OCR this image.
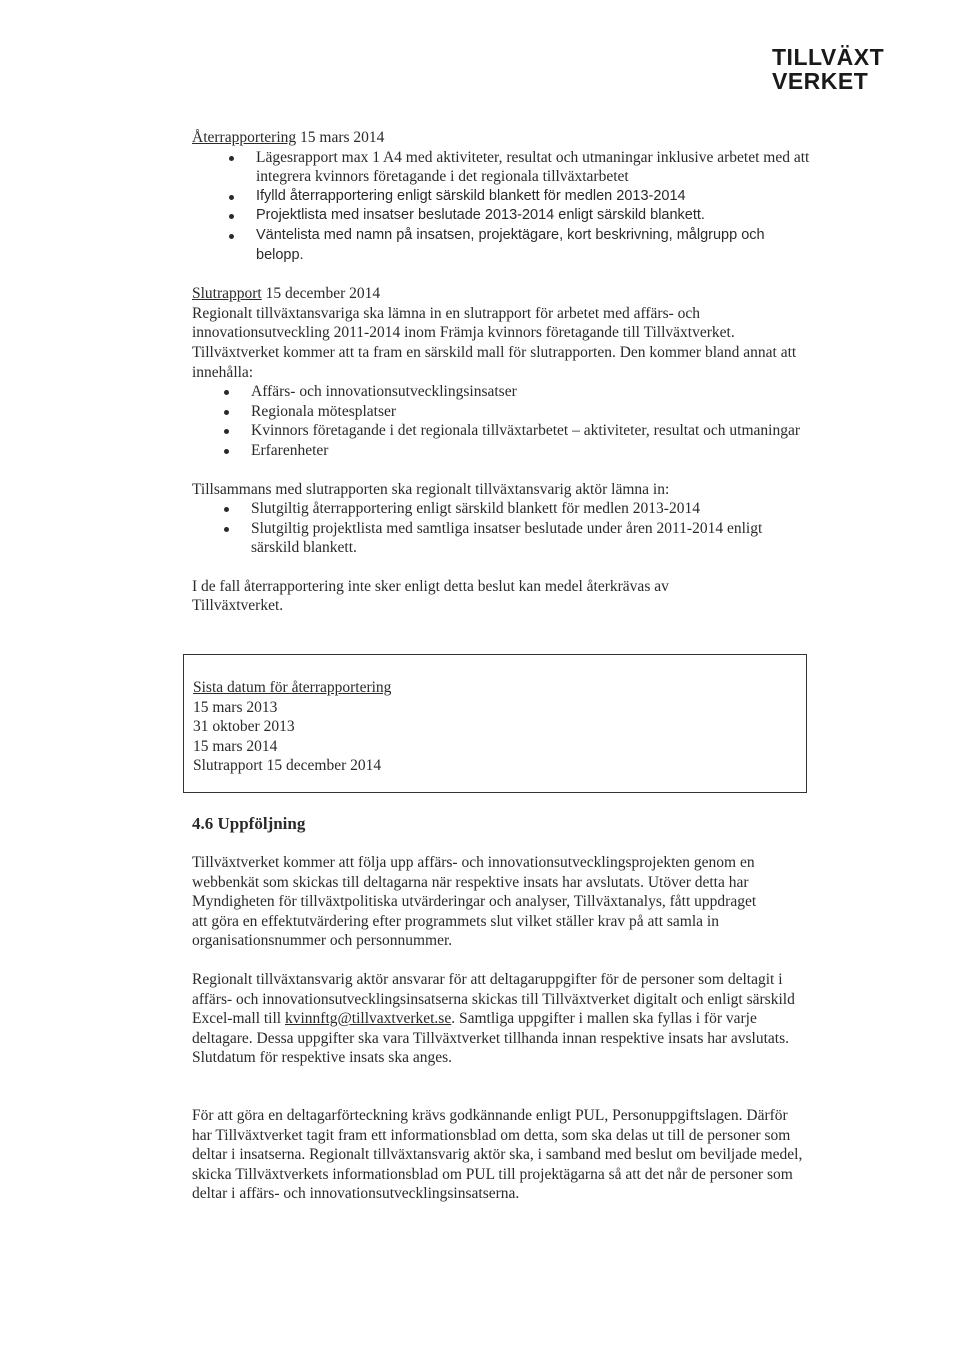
TILLVÄXT
VERKET

Återrapportering 15 mars 2014

Lägesrapport max 1 A4 med aktiviteter, resultat och utmaningar inklusive arbetet med att integrera kvinnors företagande i det regionala tillväxtarbetet
Ifylld återrapportering enligt särskild blankett för medlen 2013-2014
Projektlista med insatser beslutade 2013-2014 enligt särskild blankett.
Väntelista med namn på insatsen, projektägare, kort beskrivning, målgrupp och belopp.

Slutrapport 15 december 2014

Regionalt tillväxtansvariga ska lämna in en slutrapport för arbetet med affärs- och innovationsutveckling 2011-2014 inom Främja kvinnors företagande till Tillväxtverket. Tillväxtverket kommer att ta fram en särskild mall för slutrapporten. Den kommer bland annat att innehålla:

Affärs- och innovationsutvecklingsinsatser
Regionala mötesplatser
Kvinnors företagande i det regionala tillväxtarbetet – aktiviteter, resultat och utmaningar
Erfarenheter

Tillsammans med slutrapporten ska regionalt tillväxtansvarig aktör lämna in:

Slutgiltig återrapportering enligt särskild blankett för medlen 2013-2014
Slutgiltig projektlista med samtliga insatser beslutade under åren 2011-2014 enligt särskild blankett.

I de fall återrapportering inte sker enligt detta beslut kan medel återkrävas av Tillväxtverket.

Sista datum för återrapportering

15 mars 2013

31 oktober 2013

15 mars 2014

Slutrapport 15 december 2014

4.6 Uppföljning

Tillväxtverket kommer att följa upp affärs- och innovationsutvecklingsprojekten genom en webbenkät som skickas till deltagarna när respektive insats har avslutats. Utöver detta har Myndigheten för tillväxtpolitiska utvärderingar och analyser, Tillväxtanalys, fått uppdraget att göra en effektutvärdering efter programmets slut vilket ställer krav på att samla in organisationsnummer och personnummer.

Regionalt tillväxtansvarig aktör ansvarar för att deltagaruppgifter för de personer som deltagit i affärs- och innovationsutvecklingsinsatserna skickas till Tillväxtverket digitalt och enligt särskild Excel-mall till kvinnftg@tillvaxtverket.se. Samtliga uppgifter i mallen ska fyllas i för varje deltagare. Dessa uppgifter ska vara Tillväxtverket tillhanda innan respektive insats har avslutats. Slutdatum för respektive insats ska anges.

För att göra en deltagarförteckning krävs godkännande enligt PUL, Personuppgiftslagen. Därför har Tillväxtverket tagit fram ett informationsblad om detta, som ska delas ut till de personer som deltar i insatserna. Regionalt tillväxtansvarig aktör ska, i samband med beslut om beviljade medel, skicka Tillväxtverkets informationsblad om PUL till projektägarna så att det når de personer som deltar i affärs- och innovationsutvecklingsinsatserna.
